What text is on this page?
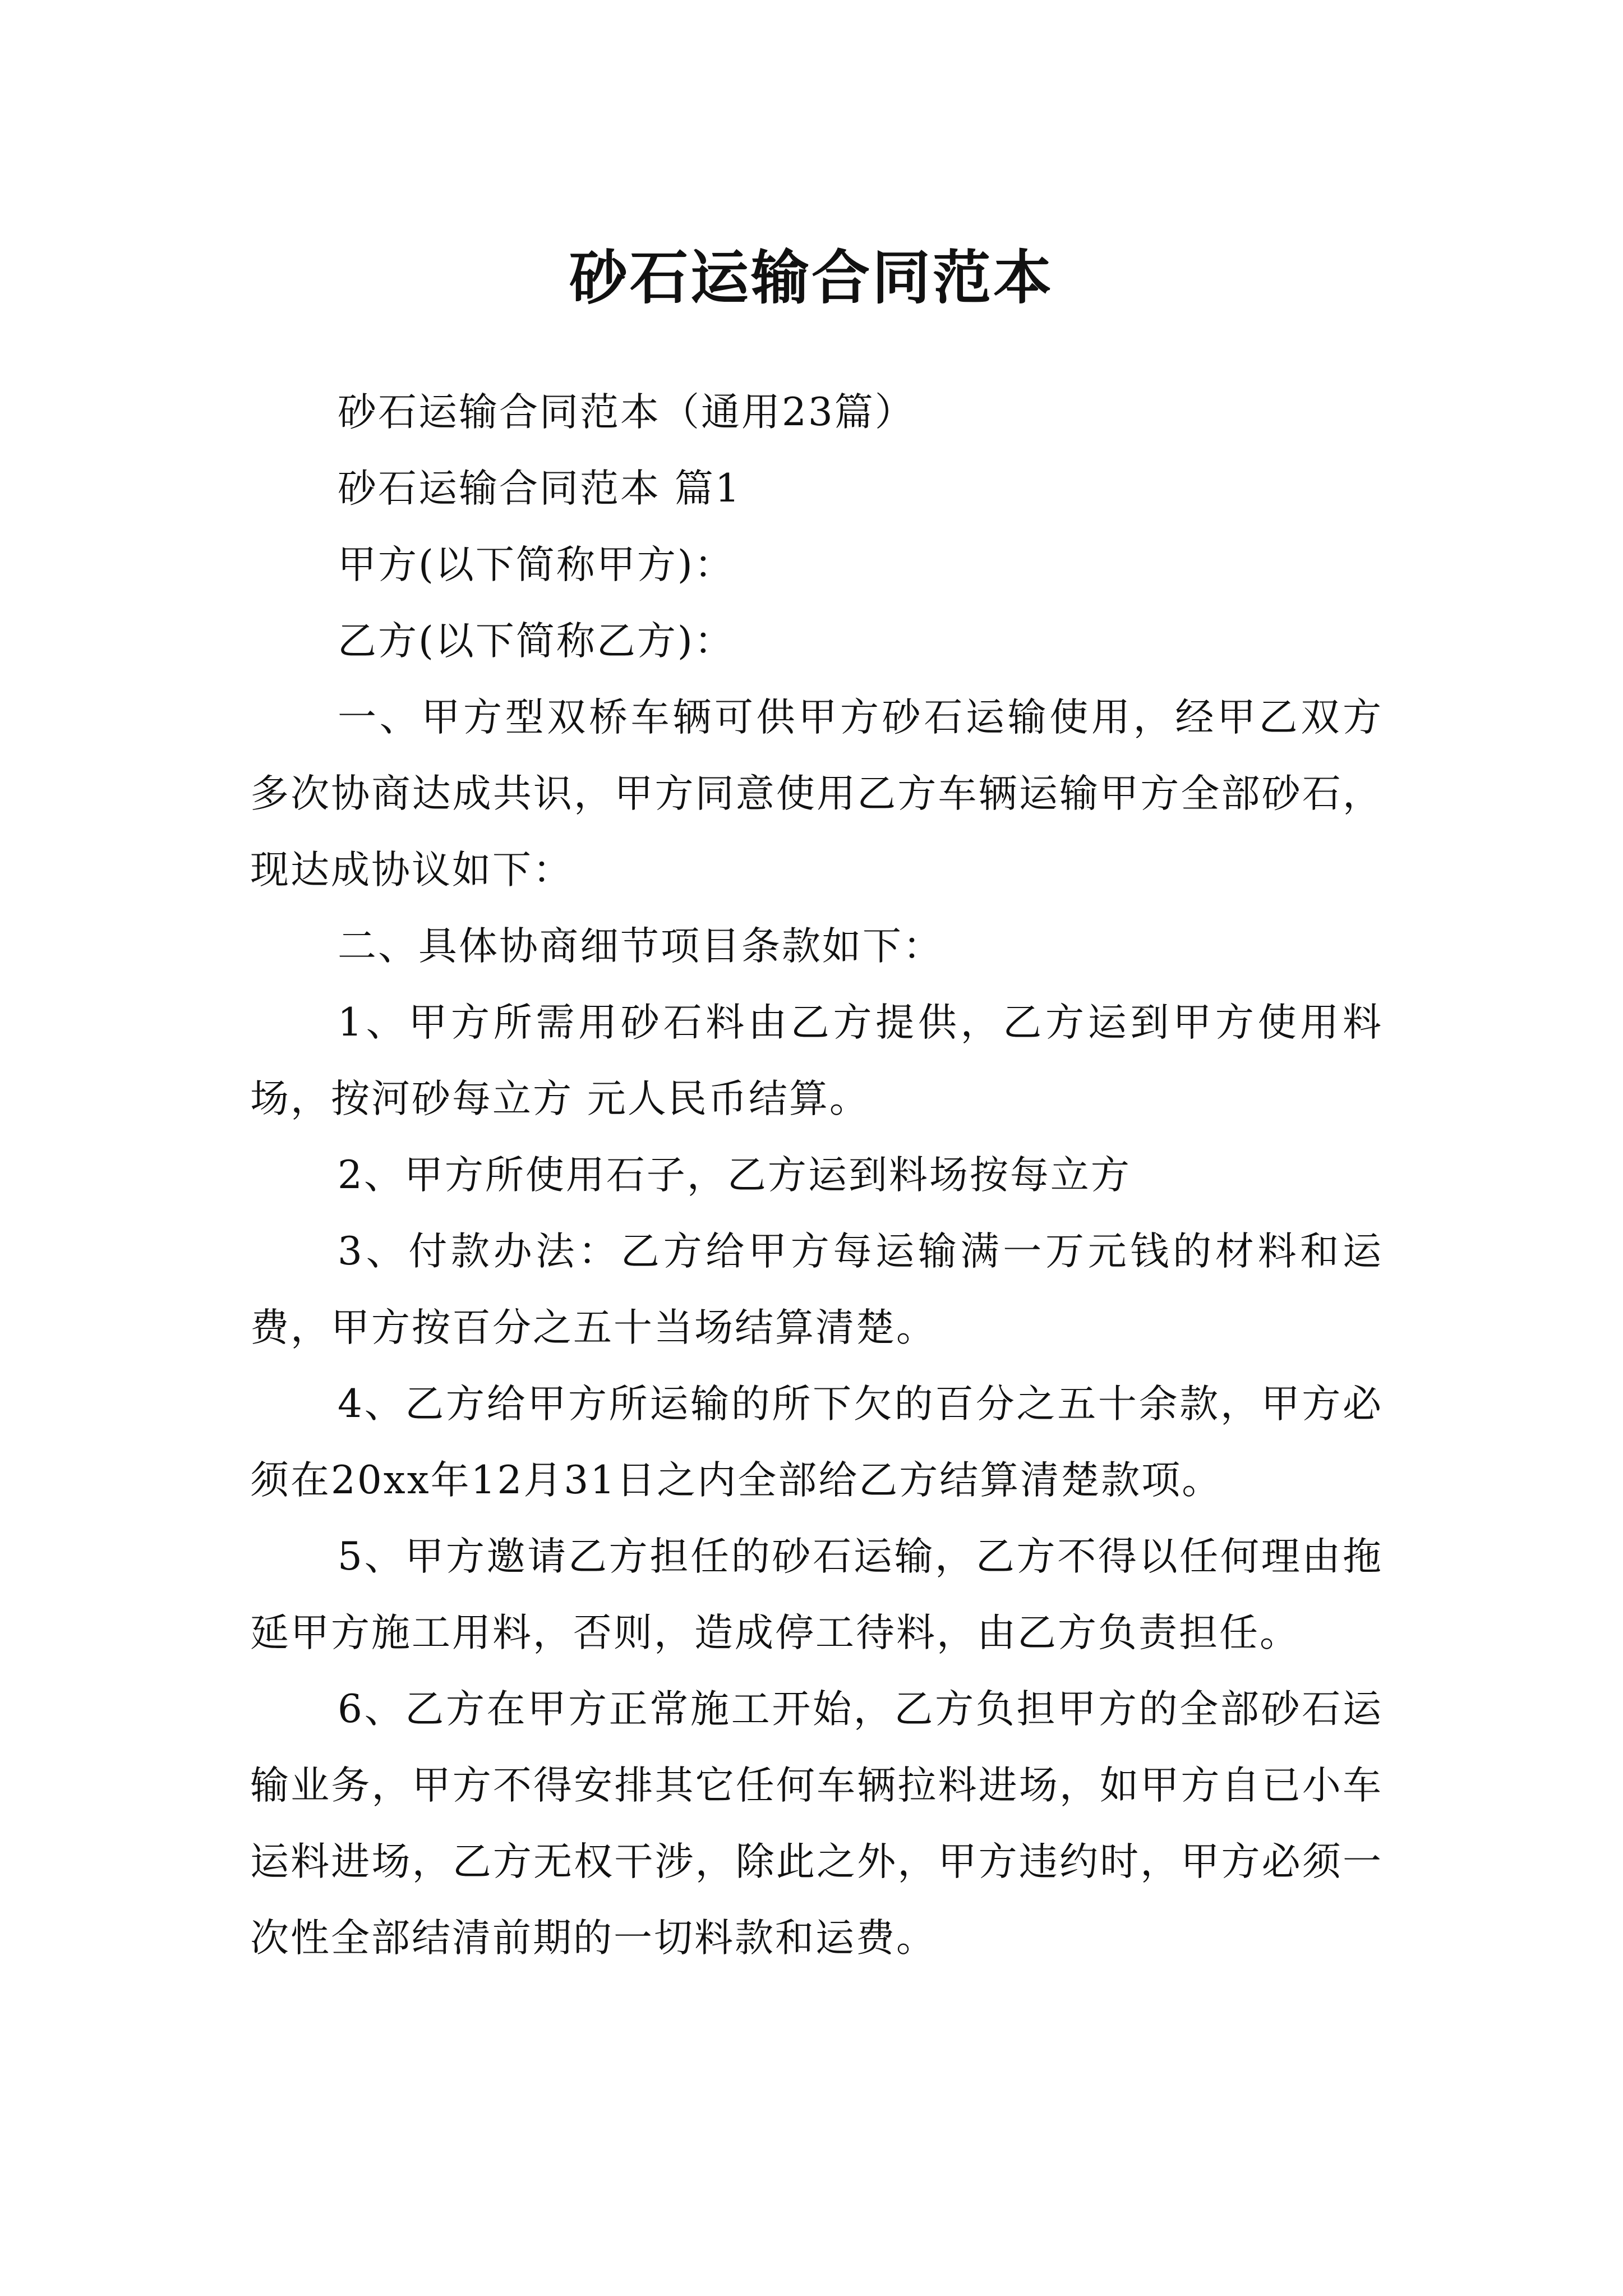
砂石运输合同范本

砂石运输合同范本（通用23篇）

砂石运输合同范本 篇1

甲方(以下简称甲方)：

乙方(以下简称乙方)：

一、甲方型双桥车辆可供甲方砂石运输使用，经甲乙双方多次协商达成共识，甲方同意使用乙方车辆运输甲方全部砂石，现达成协议如下：

二、具体协商细节项目条款如下：

1、甲方所需用砂石料由乙方提供，乙方运到甲方使用料场，按河砂每立方 元人民币结算。

2、甲方所使用石子，乙方运到料场按每立方

3、付款办法：乙方给甲方每运输满一万元钱的材料和运费，甲方按百分之五十当场结算清楚。

4、乙方给甲方所运输的所下欠的百分之五十余款，甲方必须在20xx年12月31日之内全部给乙方结算清楚款项。

5、甲方邀请乙方担任的砂石运输，乙方不得以任何理由拖延甲方施工用料，否则，造成停工待料，由乙方负责担任。

6、乙方在甲方正常施工开始，乙方负担甲方的全部砂石运输业务，甲方不得安排其它任何车辆拉料进场，如甲方自已小车运料进场，乙方无权干涉，除此之外，甲方违约时，甲方必须一次性全部结清前期的一切料款和运费。
